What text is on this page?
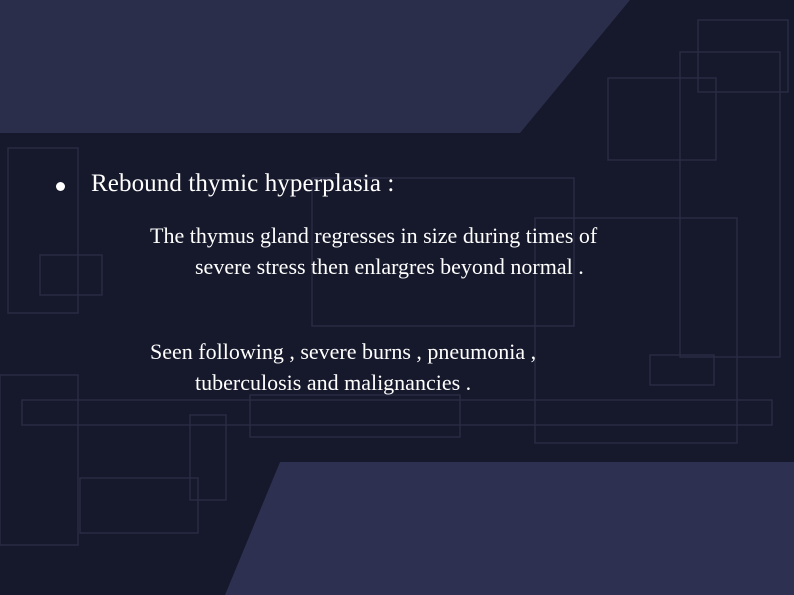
Rebound thymic hyperplasia :
The thymus gland regresses in size during times of
severe stress then enlargres beyond normal .
Seen following , severe burns , pneumonia ,
tuberculosis and malignancies .
